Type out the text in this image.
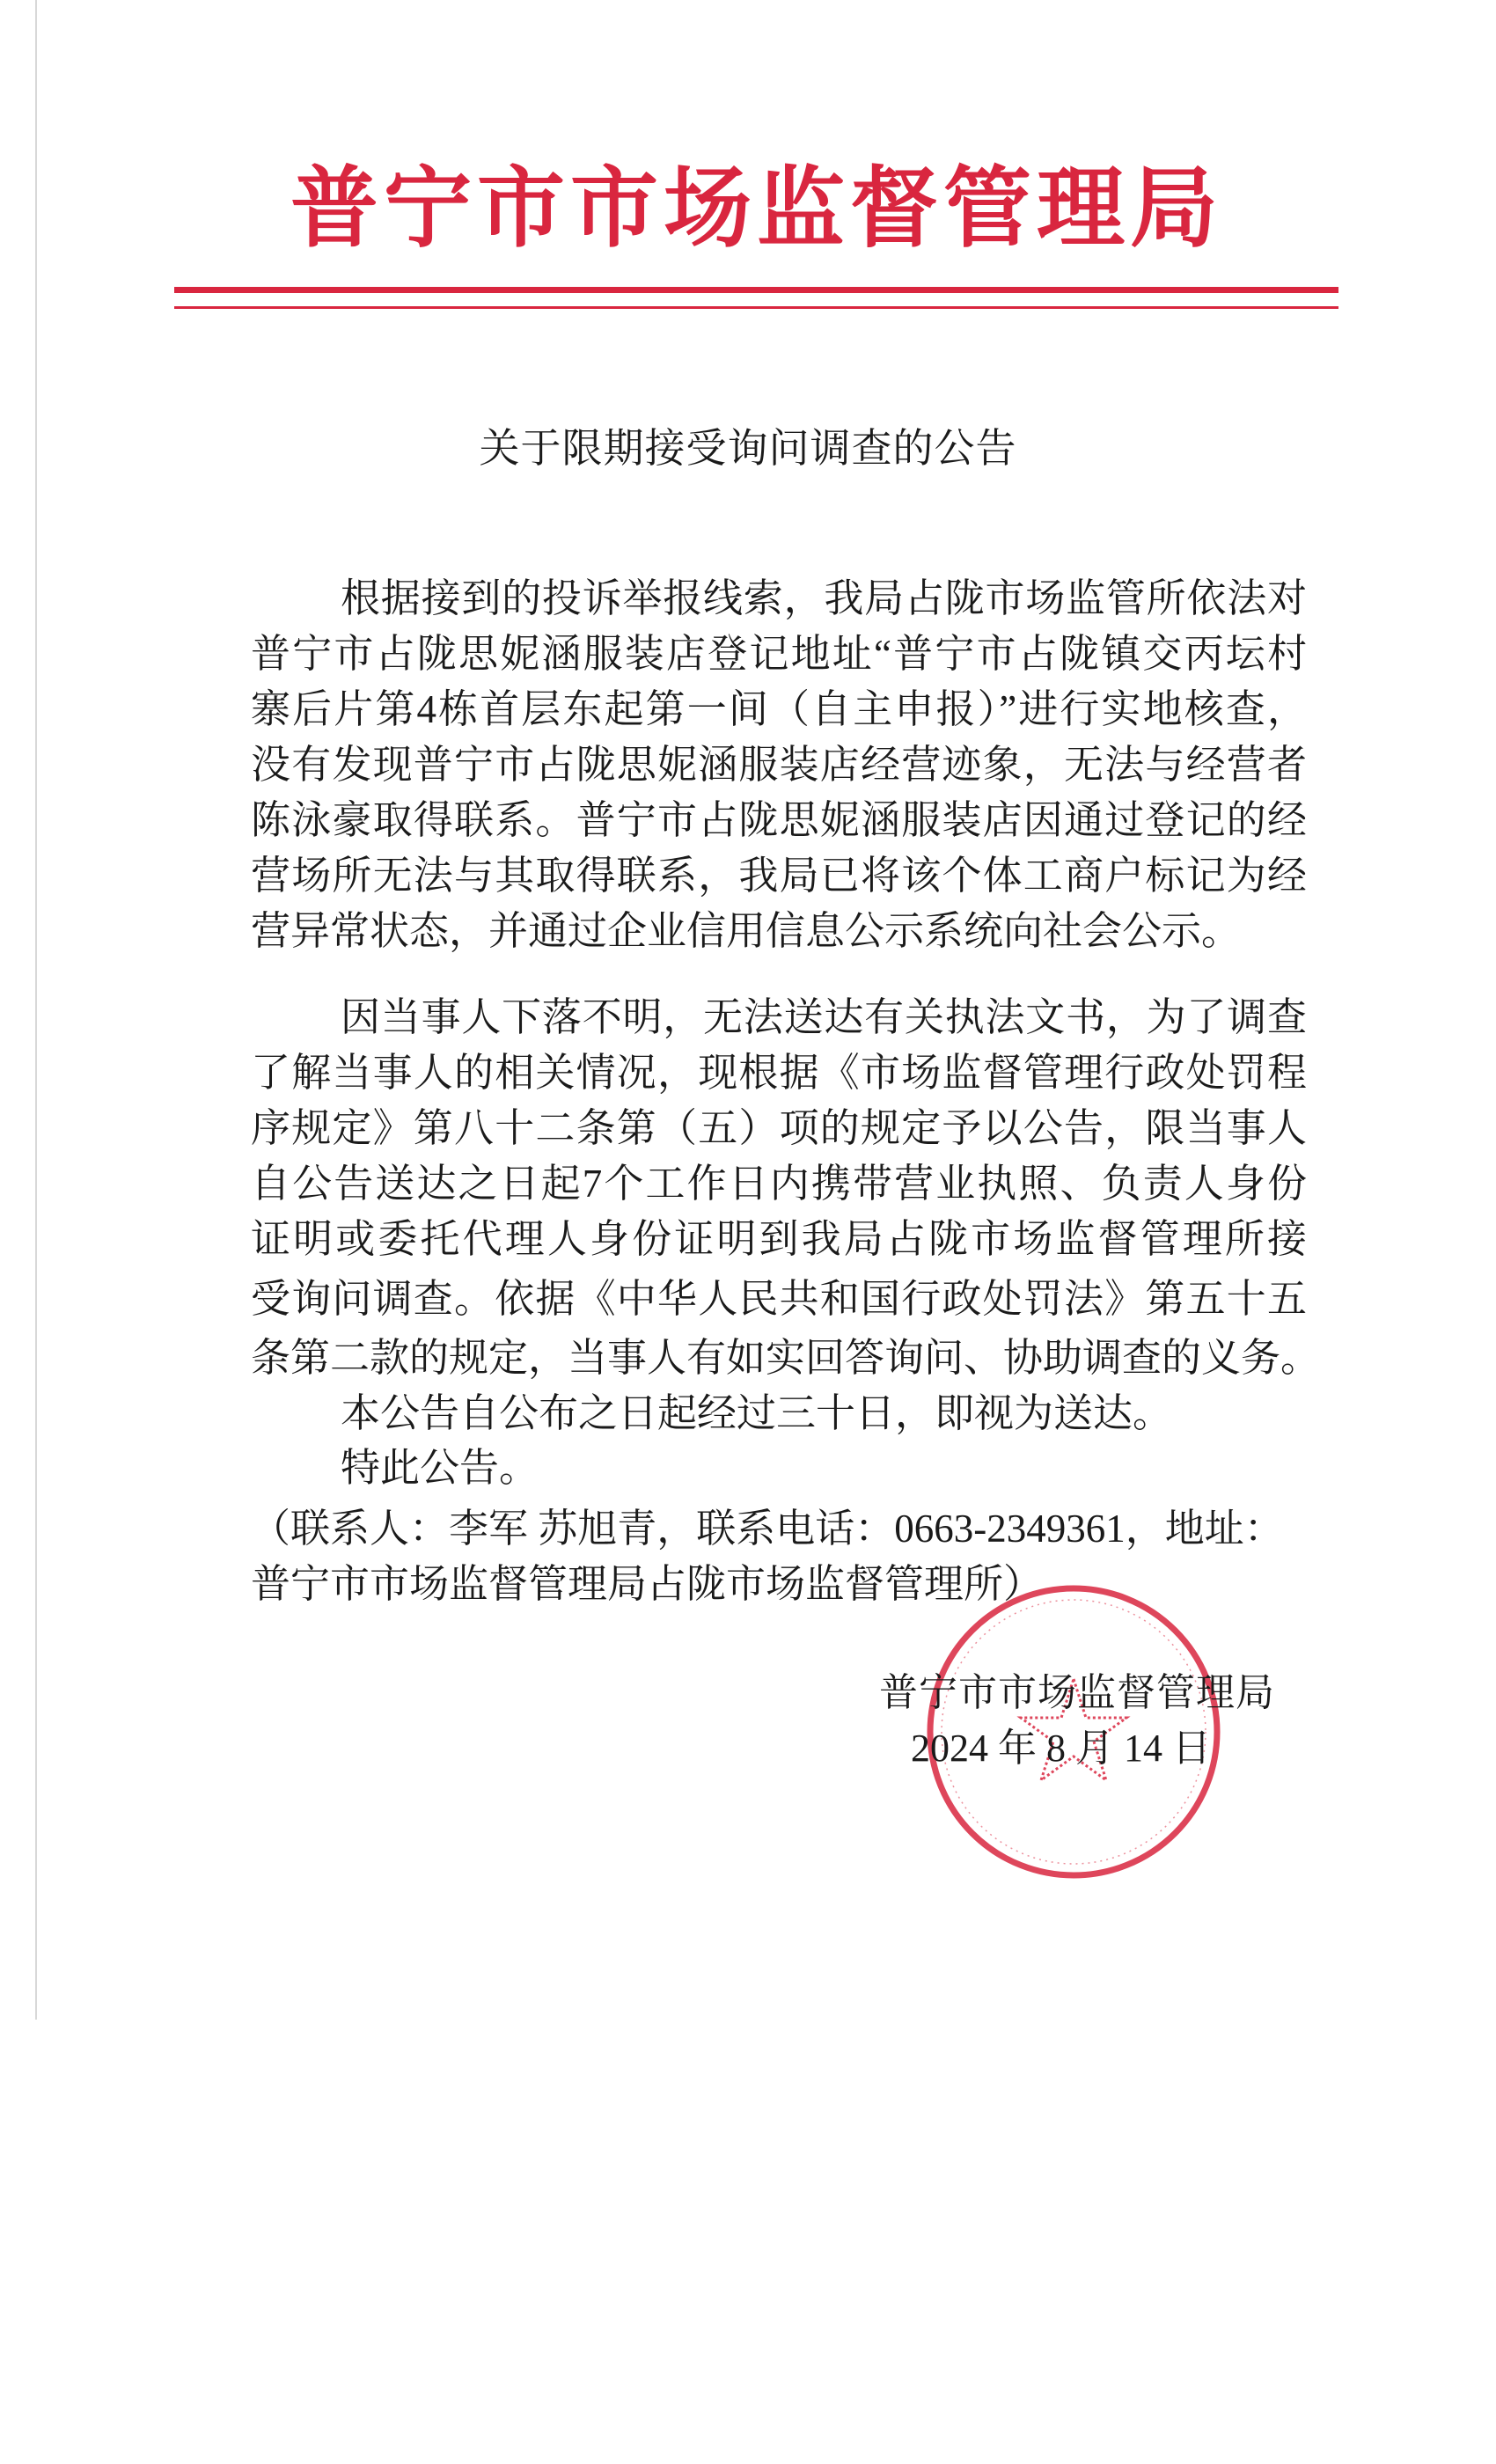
普宁市市场监督管理局
关于限期接受询问调查的公告
根据接到的投诉举报线索，我局占陇市场监管所依法对
普宁市占陇思妮涵服装店登记地址“普宁市占陇镇交丙坛村
寨后片第4栋首层东起第一间（自主申报）”进行实地核查，
没有发现普宁市占陇思妮涵服装店经营迹象，无法与经营者
陈泳豪取得联系。普宁市占陇思妮涵服装店因通过登记的经
营场所无法与其取得联系，我局已将该个体工商户标记为经
营异常状态，并通过企业信用信息公示系统向社会公示。
因当事人下落不明，无法送达有关执法文书，为了调查
了解当事人的相关情况，现根据《市场监督管理行政处罚程
序规定》第八十二条第（五）项的规定予以公告，限当事人
自公告送达之日起7个工作日内携带营业执照、负责人身份
证明或委托代理人身份证明到我局占陇市场监督管理所接
受询问调查。依据《中华人民共和国行政处罚法》第五十五
条第二款的规定，当事人有如实回答询问、协助调查的义务。
本公告自公布之日起经过三十日，即视为送达。
特此公告。
（联系人：李军 苏旭青，联系电话：0663-2349361，地址：
普宁市市场监督管理局占陇市场监督管理所）
普宁市市场监督管理局
2024 年 8 月 14 日
